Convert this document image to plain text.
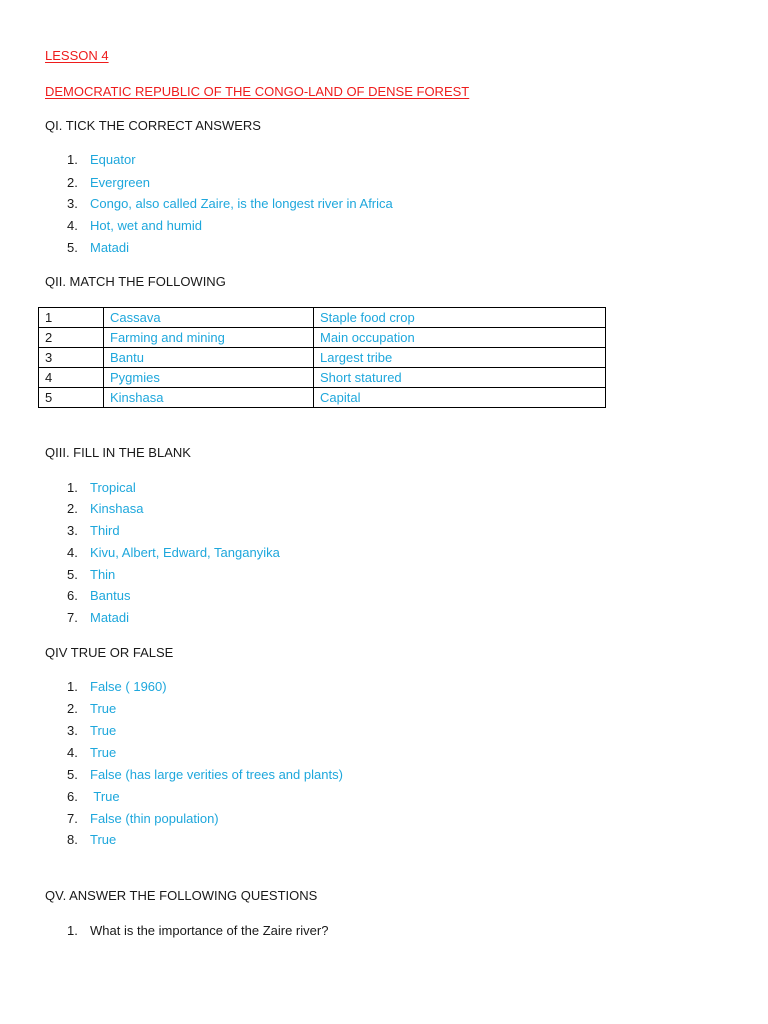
LESSON 4
DEMOCRATIC REPUBLIC OF THE CONGO-LAND OF DENSE FOREST
QI. TICK THE CORRECT ANSWERS
1. Equator
2. Evergreen
3. Congo, also called Zaire, is the longest river in Africa
4. Hot, wet and humid
5. Matadi
QII. MATCH THE FOLLOWING
1	Cassava	Staple food crop
2	Farming and mining	Main occupation
3	Bantu	Largest tribe
4	Pygmies	Short statured
5	Kinshasa	Capital
QIII. FILL IN THE BLANK
1. Tropical
2. Kinshasa
3. Third
4. Kivu, Albert, Edward, Tanganyika
5. Thin
6. Bantus
7. Matadi
QIV TRUE OR FALSE
1. False ( 1960)
2. True
3. True
4. True
5. False (has large verities of trees and plants)
6. True
7. False (thin population)
8. True
QV. ANSWER THE FOLLOWING QUESTIONS
1. What is the importance of the Zaire river?
